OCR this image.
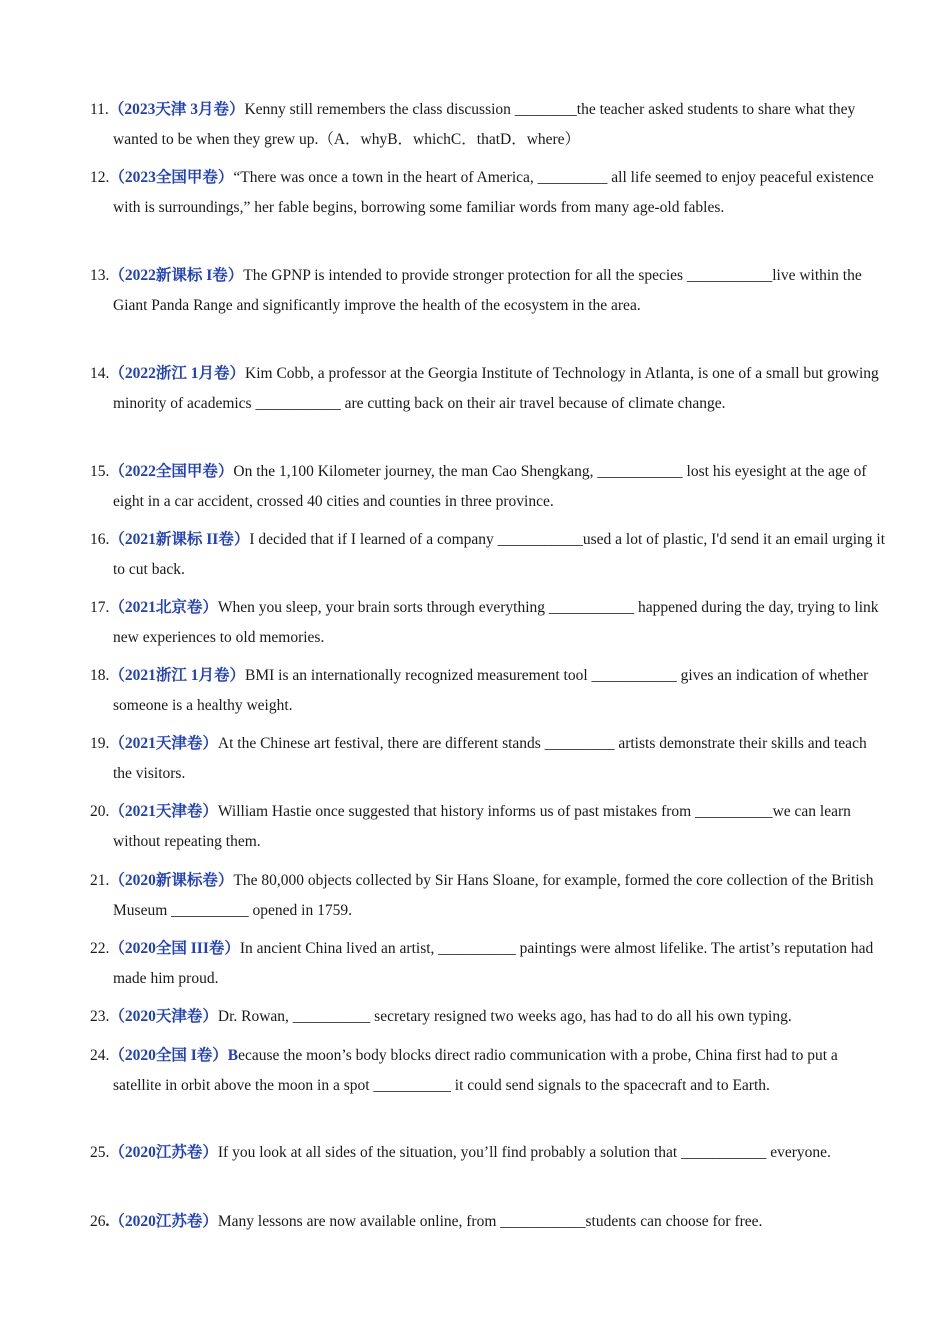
11.（2023天津 3月卷）Kenny still remembers the class discussion ________the teacher asked students to share what they wanted to be when they grew up.（A．whyB．whichC．thatD．where）
12.（2023全国甲卷）“There was once a town in the heart of America, _________ all life seemed to enjoy peaceful existence with is surroundings,” her fable begins, borrowing some familiar words from many age-old fables.
13.（2022新课标 I卷）The GPNP is intended to provide stronger protection for all the species ___________live within the Giant Panda Range and significantly improve the health of the ecosystem in the area.
14.（2022浙江 1月卷）Kim Cobb, a professor at the Georgia Institute of Technology in Atlanta, is one of a small but growing minority of academics ___________ are cutting back on their air travel because of climate change.
15.（2022全国甲卷）On the 1,100 Kilometer journey, the man Cao Shengkang, ___________ lost his eyesight at the age of eight in a car accident, crossed 40 cities and counties in three province.
16.（2021新课标 II卷）I decided that if I learned of a company ___________used a lot of plastic, I'd send it an email urging it to cut back.
17.（2021北京卷）When you sleep, your brain sorts through everything ___________ happened during the day, trying to link new experiences to old memories.
18.（2021浙江 1月卷）BMI is an internationally recognized measurement tool ___________ gives an indication of whether someone is a healthy weight.
19.（2021天津卷）At the Chinese art festival, there are different stands _________ artists demonstrate their skills and teach the visitors.
20.（2021天津卷）William Hastie once suggested that history informs us of past mistakes from __________we can learn without repeating them.
21.（2020新课标卷）The 80,000 objects collected by Sir Hans Sloane, for example, formed the core collection of the British Museum __________ opened in 1759.
22.（2020全国 III卷）In ancient China lived an artist, __________ paintings were almost lifelike. The artist’s reputation had made him proud.
23.（2020天津卷）Dr. Rowan, __________ secretary resigned two weeks ago, has had to do all his own typing.
24.（2020全国 I卷）Because the moon’s body blocks direct radio communication with a probe, China first had to put a satellite in orbit above the moon in a spot __________ it could send signals to the spacecraft and to Earth.
25.（2020江苏卷）If you look at all sides of the situation, you’ll find probably a solution that ___________ everyone.
26.（2020江苏卷）Many lessons are now available online, from ___________students can choose for free.
